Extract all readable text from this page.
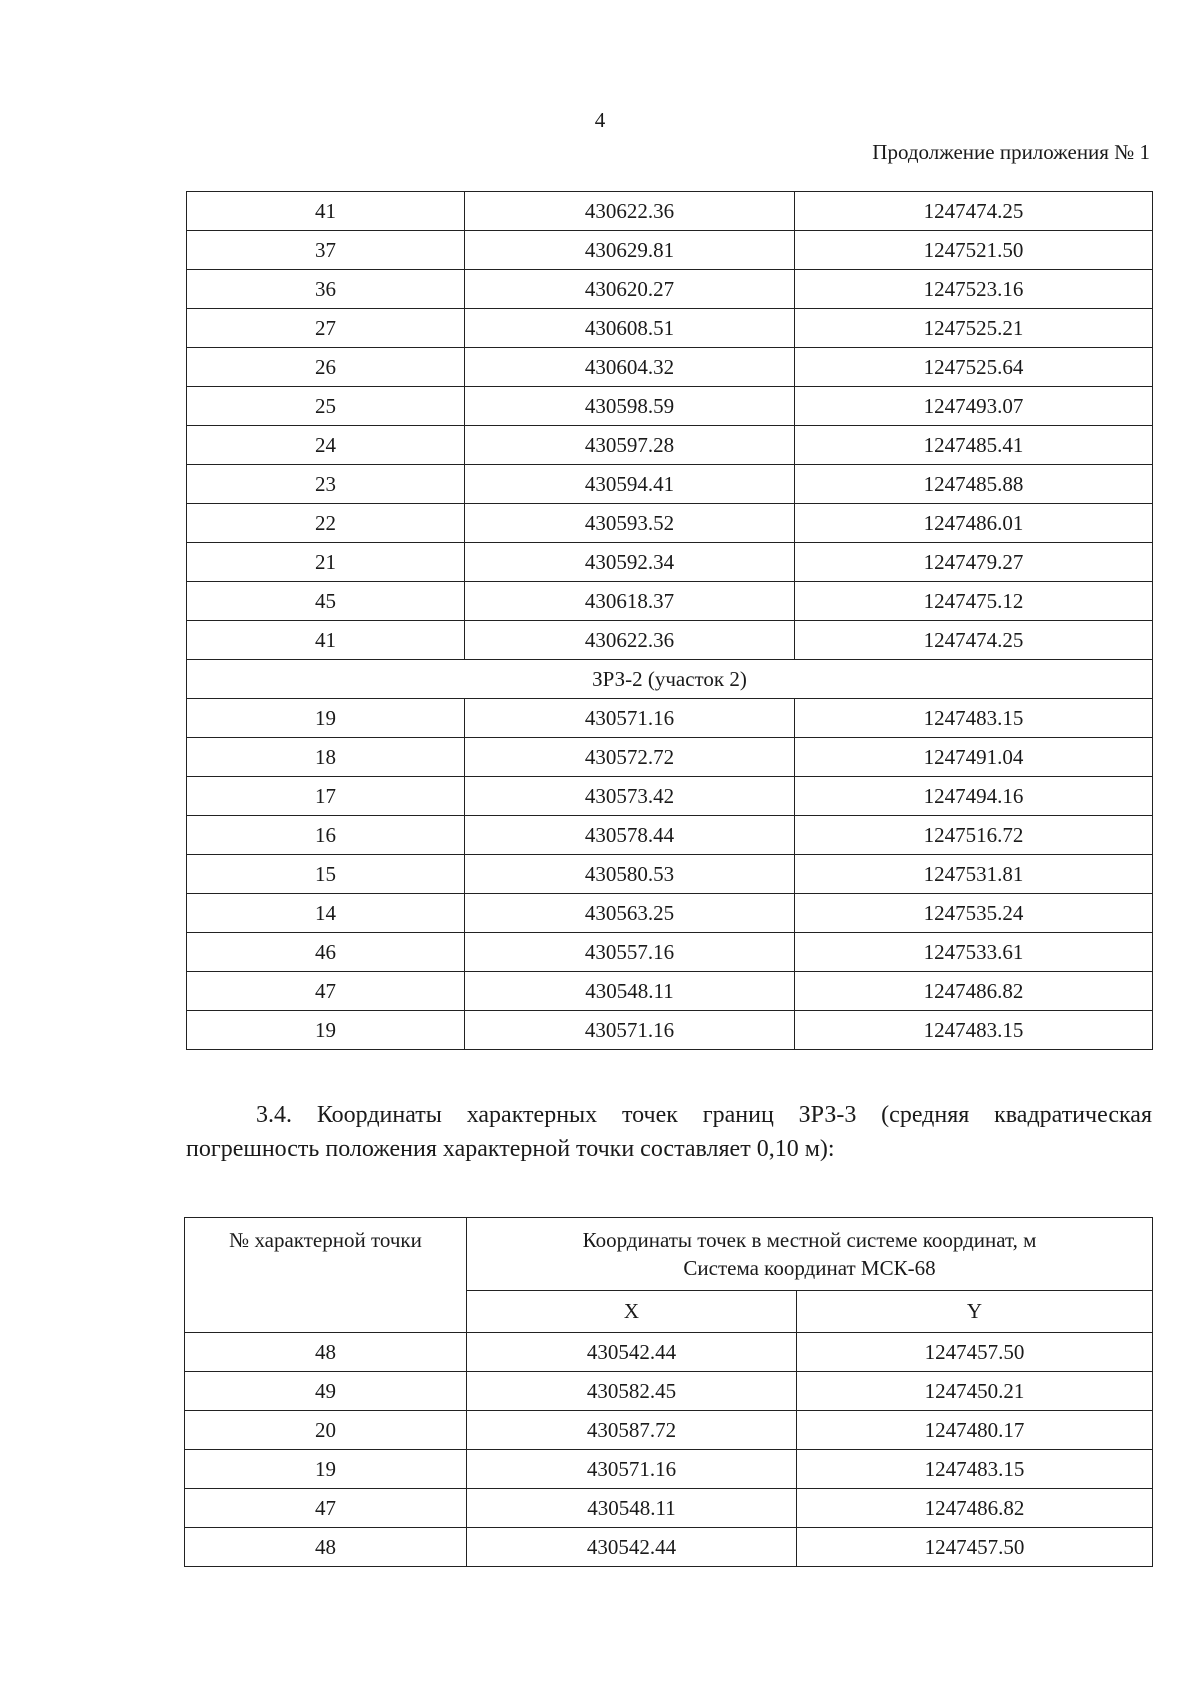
4
Продолжение приложения № 1
41	430622.36	1247474.25
37	430629.81	1247521.50
36	430620.27	1247523.16
27	430608.51	1247525.21
26	430604.32	1247525.64
25	430598.59	1247493.07
24	430597.28	1247485.41
23	430594.41	1247485.88
22	430593.52	1247486.01
21	430592.34	1247479.27
45	430618.37	1247475.12
41	430622.36	1247474.25
ЗРЗ-2 (участок 2)		
19	430571.16	1247483.15
18	430572.72	1247491.04
17	430573.42	1247494.16
16	430578.44	1247516.72
15	430580.53	1247531.81
14	430563.25	1247535.24
46	430557.16	1247533.61
47	430548.11	1247486.82
19	430571.16	1247483.15
3.4. Координаты характерных точек границ ЗРЗ-3 (средняя квадратическая погрешность положения характерной точки составляет 0,10 м):
№ характерной точки	Координаты точек в местной системе координат, м
Система координат МСК-68	

	X	Y
48	430542.44	1247457.50
49	430582.45	1247450.21
20	430587.72	1247480.17
19	430571.16	1247483.15
47	430548.11	1247486.82
48	430542.44	1247457.50
